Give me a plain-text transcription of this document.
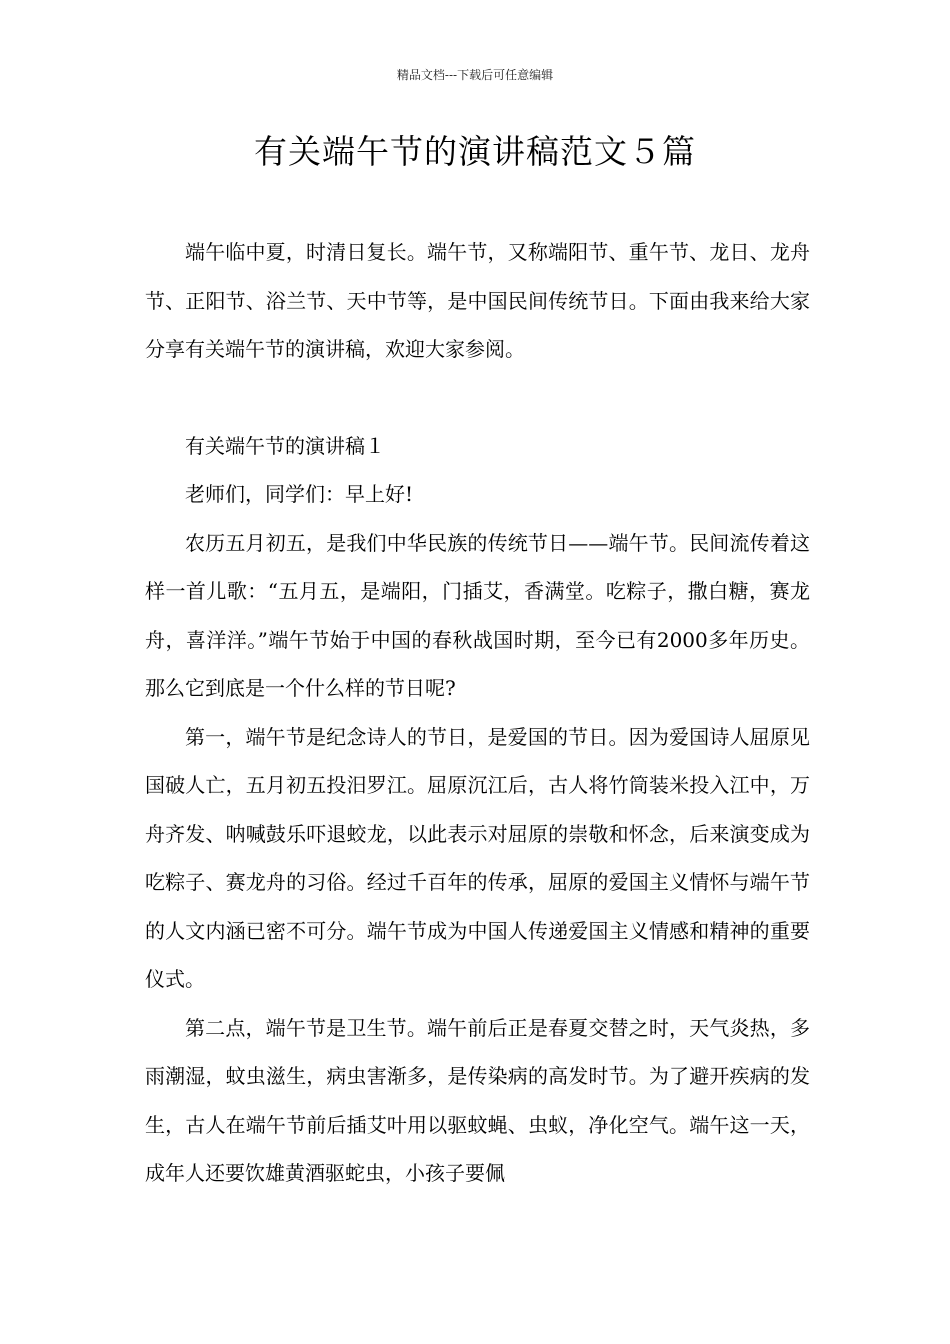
精品文档---下载后可任意编辑
有关端午节的演讲稿范文５篇

端午临中夏，时清日复长。端午节，又称端阳节、重午节、龙日、龙舟节、正阳节、浴兰节、天中节等，是中国民间传统节日。下面由我来给大家分享有关端午节的演讲稿，欢迎大家参阅。

有关端午节的演讲稿１

老师们，同学们：早上好!

农历五月初五，是我们中华民族的传统节日——端午节。民间流传着这样一首儿歌：“五月五，是端阳，门插艾，香满堂。吃粽子，撒白糖，赛龙舟，喜洋洋。”端午节始于中国的春秋战国时期，至今已有2000多年历史。那么它到底是一个什么样的节日呢?

第一，端午节是纪念诗人的节日，是爱国的节日。因为爱国诗人屈原见国破人亡，五月初五投汨罗江。屈原沉江后，古人将竹筒装米投入江中，万舟齐发、呐喊鼓乐吓退蛟龙，以此表示对屈原的崇敬和怀念，后来演变成为吃粽子、赛龙舟的习俗。经过千百年的传承，屈原的爱国主义情怀与端午节的人文内涵已密不可分。端午节成为中国人传递爱国主义情感和精神的重要仪式。

第二点，端午节是卫生节。端午前后正是春夏交替之时，天气炎热，多雨潮湿，蚊虫滋生，病虫害渐多，是传染病的高发时节。为了避开疾病的发生，古人在端午节前后插艾叶用以驱蚊蝇、虫蚁，净化空气。端午这一天，成年人还要饮雄黄酒驱蛇虫，小孩子要佩
